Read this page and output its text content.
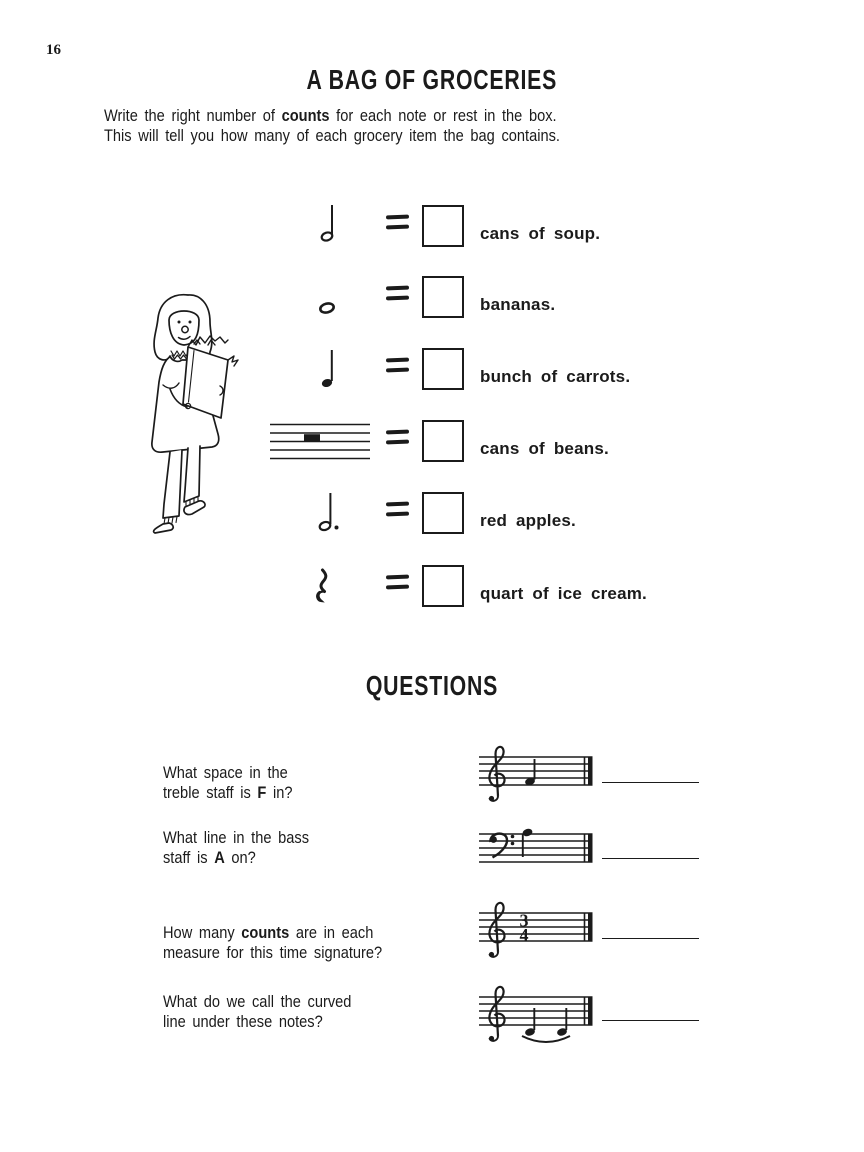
16
A BAG OF GROCERIES
Write the right number of counts for each note or rest in the box.
This will tell you how many of each grocery item the bag contains.
cans of soup.
bananas.
bunch of carrots.
cans of beans.
red apples.
quart of ice cream.
QUESTIONS
What space in the
treble staff is F in?
What line in the bass
staff is A on?
How many counts are in each
measure for this time signature?
3
4
What do we call the curved
line under these notes?
